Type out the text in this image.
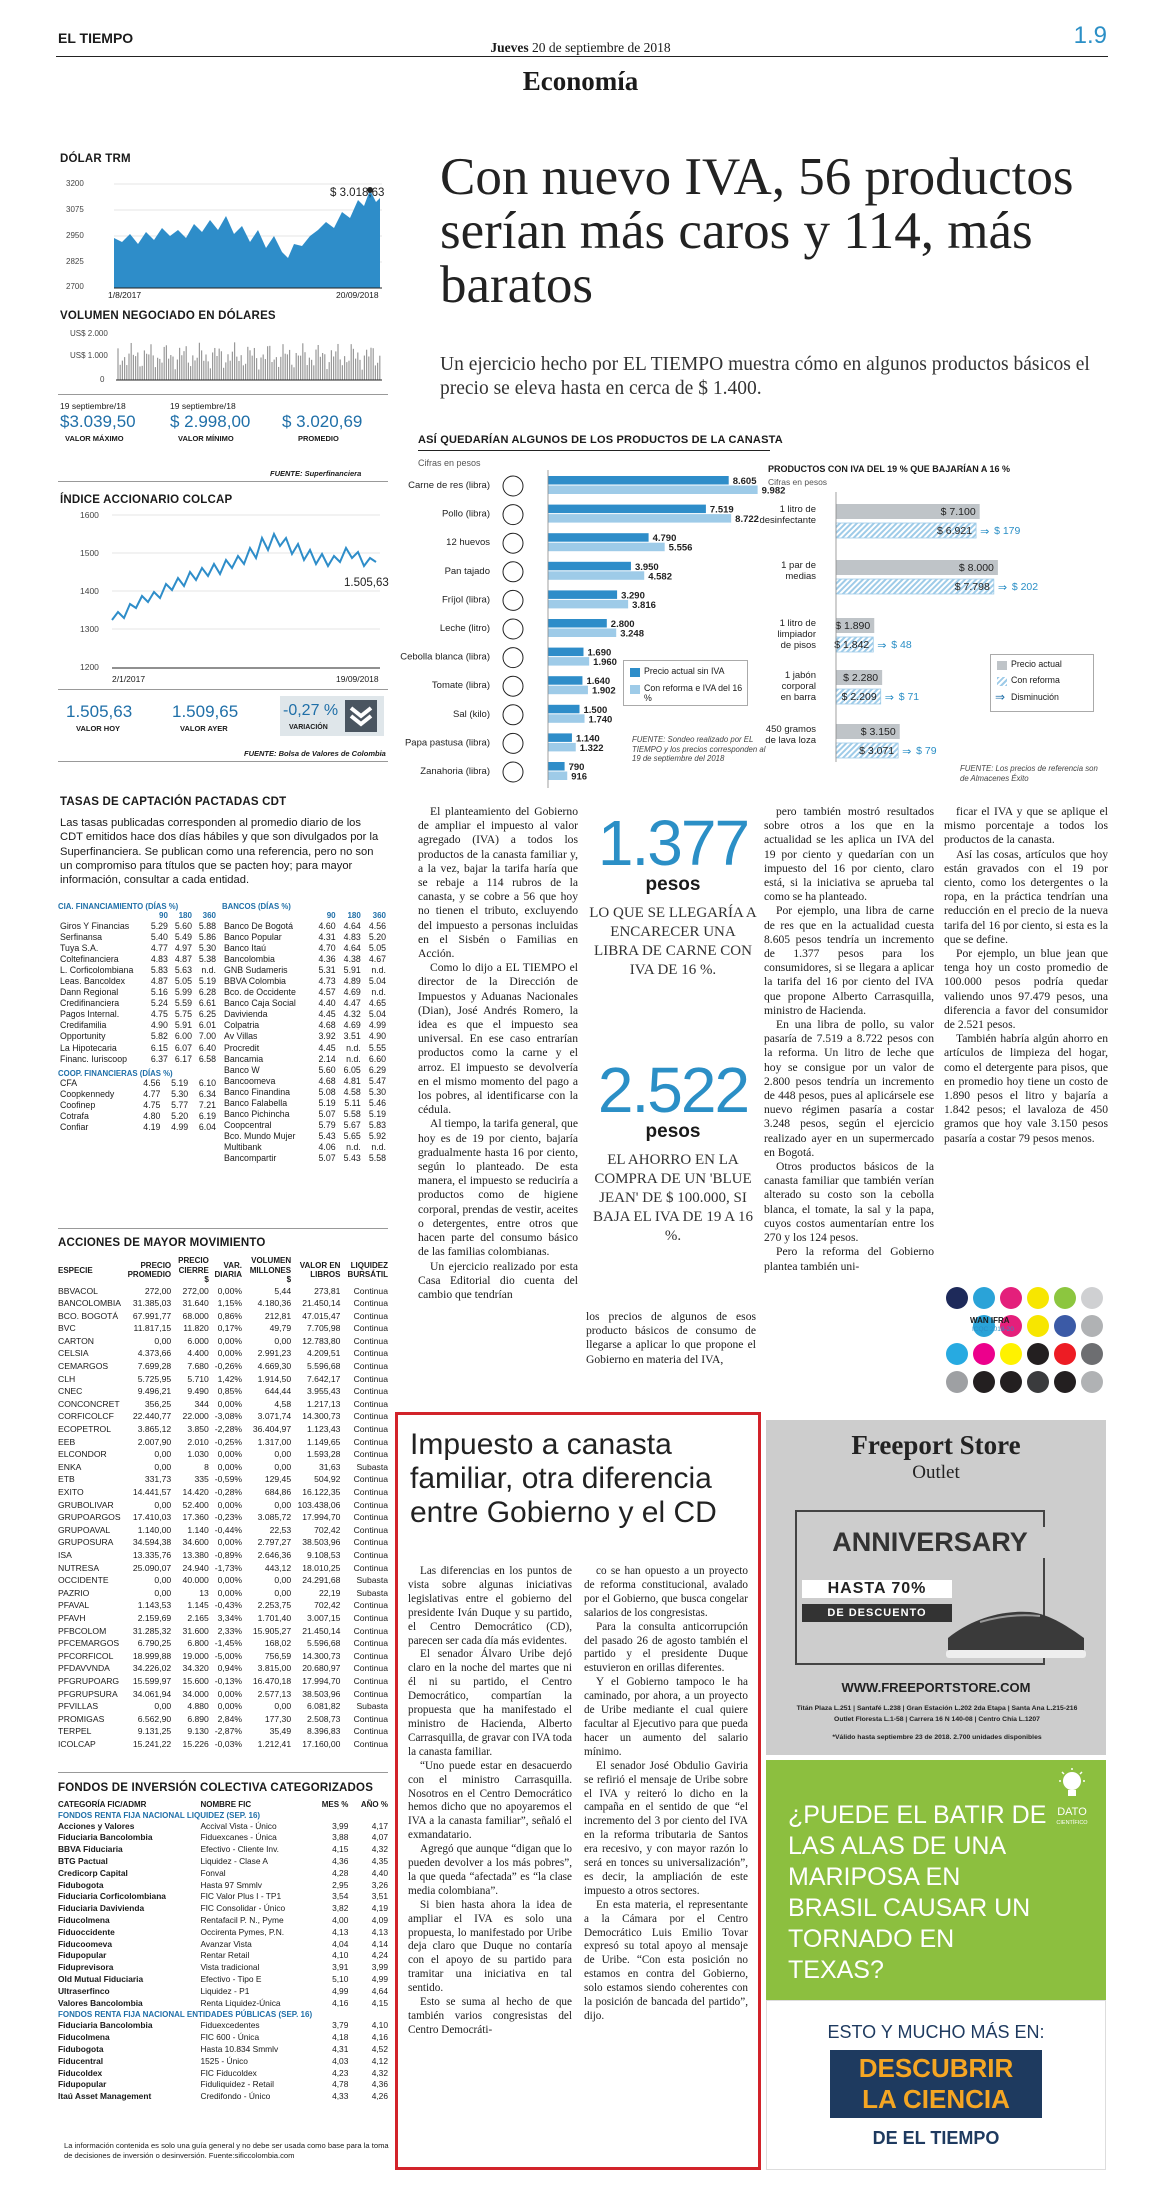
EL TIEMPO
Jueves 20 de septiembre de 2018	1.9
Economía
DÓLAR TRM
3200
3075
2950
2825
2700
$ 3.018,63
1/8/2017	20/09/2018
VOLUMEN NEGOCIADO EN DÓLARES
US$ 2.000
US$ 1.000
0
19 septiembre/18
$3.039,50
VALOR MÁXIMO
19 septiembre/18
$ 2.998,00
VALOR MÍNIMO
$ 3.020,69
PROMEDIO
FUENTE: Superfinanciera
ÍNDICE ACCIONARIO COLCAP
1600
1500
1400
1300
1200
1.505,63
2/1/2017	19/09/2018
1.505,63
VALOR HOY
1.509,65
VALOR AYER
-0,27 %
VARIACIÓN
FUENTE: Bolsa de Valores de Colombia
TASAS DE CAPTACIÓN PACTADAS CDT
Las tasas publicadas corresponden al promedio diario de los CDT emitidos hace dos días hábiles y que son divulgados por la Superfinanciera. Se publican como una referencia, pero no son un compromiso para títulos que se pacten hoy; para mayor información, consultar a cada entidad.
CIA. FINANCIAMIENTO (DÍAS %)
	90	180	360
Giros Y Financias	5.29	5.60	5.88
Serfinansa	5.40	5.49	5.86
Tuya S.A.	4.77	4.97	5.30
Coltefinanciera	4.83	4.87	5.38
L. Corficolombiana	5.83	5.63	n.d.
Leas. Bancoldex	4.87	5.05	5.19
Dann Regional	5.16	5.99	6.28
Credifinanciera	5.24	5.59	6.61
Pagos Internal.	4.75	5.75	6.25
Credifamilia	4.90	5.91	6.01
Opportunity	5.82	6.00	7.00
La Hipotecaria	6.15	6.07	6.40
Financ. Iuriscoop	6.37	6.17	6.58
COOP. FINANCIERAS (DÍAS %)
CFA	4.56	5.19	6.10
Coopkennedy	4.77	5.30	6.34
Coofinep	4.75	5.77	7.21
Cotrafa	4.80	5.20	6.19
Confiar	4.19	4.99	6.04
BANCOS (DÍAS %)
	90	180	360
Banco De Bogotá	4.60	4.64	4.56
Banco Popular	4.31	4.83	5.20
Banco Itaú	4.70	4.64	5.05
Bancolombia	4.36	4.38	4.67
GNB Sudameris	5.31	5.91	n.d.
BBVA Colombia	4.73	4.89	5.04
Bco. de Occidente	4.57	4.69	n.d.
Banco Caja Social	4.40	4.47	4.65
Davivienda	4.45	4.32	5.04
Colpatria	4.68	4.69	4.99
Av Villas	3.92	3.51	4.90
Procredit	4.45	n.d.	5.55
Bancamia	2.14	n.d.	6.60
Banco W	5.60	6.05	6.29
Bancoomeva	4.68	4.81	5.47
Banco Finandina	5.08	4.58	5.30
Banco Falabella	5.19	5.11	5.46
Banco Pichincha	5.07	5.58	5.19
Coopcentral	5.79	5.67	5.83
Bco. Mundo Mujer	5.43	5.65	5.92
Multibank	4.06	n.d.	n.d.
Bancompartir	5.07	5.43	5.58
ACCIONES DE MAYOR MOVIMIENTO
ESPECIE	PRECIO PROMEDIO	PRECIO CIERRE $	VAR. DIARIA	VOLUMEN MILLONES $	VALOR EN LIBROS	LIQUIDEZ BURSÁTIL
BBVACOL	272,00	272,00	0,00%	5,44	273,81	Continua
BANCOLOMBIA	31.385,03	31.640	1,15%	4.180,36	21.450,14	Continua
BCO. BOGOTÁ	67.991,77	68.000	0,86%	212,81	47.015,47	Continua
BVC	11.817,15	11.820	0,17%	49,79	7.705,98	Continua
CARTON	0,00	6.000	0,00%	0,00	12.783,80	Continua
CELSIA	4.373,66	4.400	0,00%	2.991,23	4.209,51	Continua
CEMARGOS	7.699,28	7.680	-0,26%	4.669,30	5.596,68	Continua
CLH	5.725,95	5.710	1,42%	1.914,50	7.642,17	Continua
CNEC	9.496,21	9.490	0,85%	644,44	3.955,43	Continua
CONCONCRET	356,25	344	0,00%	4,58	1.217,13	Continua
CORFICOLCF	22.440,77	22.000	-3,08%	3.071,74	14.300,73	Continua
ECOPETROL	3.865,12	3.850	-2,28%	36.404,97	1.123,43	Continua
EEB	2.007,90	2.010	-0,25%	1.317,00	1.149,65	Continua
ELCONDOR	0,00	1.030	0,00%	0,00	1.593,28	Continua
ENKA	0,00	8	0,00%	0,00	31,63	Subasta
ETB	331,73	335	-0,59%	129,45	504,92	Continua
EXITO	14.441,57	14.420	-0,28%	684,86	16.122,35	Continua
GRUBOLIVAR	0,00	52.400	0,00%	0,00	103.438,06	Continua
GRUPOARGOS	17.410,03	17.360	-0,23%	3.085,72	17.994,70	Continua
GRUPOAVAL	1.140,00	1.140	-0,44%	22,53	702,42	Continua
GRUPOSURA	34.594,38	34.600	0,00%	2.797,27	38.503,96	Continua
ISA	13.335,76	13.380	-0,89%	2.646,36	9.108,53	Continua
NUTRESA	25.090,07	24.940	-1,73%	443,12	18.010,25	Continua
OCCIDENTE	0,00	40.000	0,00%	0,00	24.291,68	Subasta
PAZRIO	0,00	13	0,00%	0,00	22,19	Subasta
PFAVAL	1.143,53	1.145	-0,43%	2.253,75	702,42	Continua
PFAVH	2.159,69	2.165	3,34%	1.701,40	3.007,15	Continua
PFBCOLOM	31.285,32	31.600	2,33%	15.905,27	21.450,14	Continua
PFCEMARGOS	6.790,25	6.800	-1,45%	168,02	5.596,68	Continua
PFCORFICOL	18.999,88	19.000	-5,00%	756,59	14.300,73	Continua
PFDAVVNDA	34.226,02	34.320	0,94%	3.815,00	20.680,97	Continua
PFGRUPOARG	15.599,97	15.600	-0,13%	16.470,18	17.994,70	Continua
PFGRUPSURA	34.061,94	34.000	0,00%	2.577,13	38.503,96	Continua
PFVILLAS	0,00	4.880	0,00%	0,00	6.081,82	Subasta
PROMIGAS	6.562,90	6.890	2,84%	177,30	2.508,73	Continua
TERPEL	9.131,25	9.130	-2,87%	35,49	8.396,83	Continua
ICOLCAP	15.241,22	15.226	-0,03%	1.212,41	17.160,00	Continua
FONDOS DE INVERSIÓN COLECTIVA CATEGORIZADOS
CATEGORÍA FIC/ADMR	NOMBRE FIC	MES %	AÑO %
FONDOS RENTA FIJA NACIONAL LIQUIDEZ (SEP. 16)			
Acciones y Valores	Accival Vista - Único	3,99	4,17
Fiduciaria Bancolombia	Fiduexcanes - Única	3,88	4,07
BBVA Fiduciaria	Efectivo - Cliente Inv.	4,15	4,32
BTG Pactual	Liquidez - Clase A	4,36	4,35
Credicorp Capital	Fonval	4,28	4,40
Fidubogota	Hasta 97 Smmlv	2,95	3,26
Fiduciaria Corficolombiana	FIC Valor Plus I - TP1	3,54	3,51
Fiduciaria Davivienda	FIC Consolidar - Único	3,82	4,19
Fiducolmena	Rentafacil P. N., Pyme	4,00	4,09
Fiduoccidente	Occirenta Pymes, P.N.	4,13	4,13
Fiducoomeva	Avanzar Vista	4,04	4,14
Fidupopular	Rentar Retail	4,10	4,24
Fiduprevisora	Vista tradicional	3,91	3,99
Old Mutual Fiduciaria	Efectivo - Tipo E	5,10	4,99
Ultraserfinco	Liquidez - P1	4,99	4,64
Valores Bancolombia	Renta Liquidez-Única	4,16	4,15
FONDOS RENTA FIJA NACIONAL ENTIDADES PÚBLICAS (SEP. 16)			
Fiduciaria Bancolombia	Fiduexcedentes	3,79	4,10
Fiducolmena	FIC 600 - Única	4,18	4,16
Fidubogota	Hasta 10.834 Smmlv	4,31	4,52
Fiducentral	1525 - Único	4,03	4,12
Fiducoldex	FIC Fiducoldex	4,23	4,32
Fidupopular	Fiduliquidez - Retail	4,78	4,36
Itaú Asset Management	Credifondo - Único	4,33	4,26
La información contenida es solo una guía general y no debe ser usada como base para la toma de decisiones de inversión o desinversión. Fuente:sificcolombia.com
Con nuevo IVA, 56 productos serían más caros y 114, más baratos
Un ejercicio hecho por EL TIEMPO muestra cómo en algunos productos básicos el precio se eleva hasta en cerca de $ 1.400.
ASÍ QUEDARÍAN ALGUNOS DE LOS PRODUCTOS DE LA CANASTA
Cifras en pesos
Carne de res (libra)	8.605
9.982
Pollo (libra)	7.519
8.722
12 huevos	4.790
5.556
Pan tajado	3.950
4.582
Fríjol (libra)	3.290
3.816
Leche (litro)	2.800
3.248
Cebolla blanca (libra)	1.690
1.960
Tomate (libra)	1.640
1.902
Sal (kilo)	1.500
1.740
Papa pastusa (libra)	1.140
1.322
Zanahoria (libra)	790
916
Precio actual sin IVA
Con reforma e IVA del 16 %
FUENTE: Sondeo realizado por EL TIEMPO y los precios corresponden al 19 de septiembre del 2018
PRODUCTOS CON IVA DEL 19 % QUE BAJARÍAN A 16 %
Cifras en pesos
1 litro de desinfectante
$ 7.100
$ 6.921 ⇒ $ 179
1 par de medias
$ 8.000
$ 7.798 ⇒ $ 202
1 litro de limpiador de pisos
$ 1.890
$ 1.842 ⇒ $ 48
1 jabón corporal en barra
$ 2.280
$ 2.209 ⇒ $ 71
450 gramos de lava loza
$ 3.150
$ 3.071 ⇒ $ 79
Precio actual
Con reforma
⇒ Disminución
FUENTE: Los precios de referencia son de Almacenes Éxito

El planteamiento del Gobierno de ampliar el impuesto al valor agregado (IVA) a todos los productos de la canasta familiar y, a la vez, bajar la tarifa haría que se rebaje a 114 rubros de la canasta, y se cobre a 56 que hoy no tienen el tributo, excluyendo del impuesto a personas incluidas en el Sisbén o Familias en Acción.

Como lo dijo a EL TIEMPO el director de la Dirección de Impuestos y Aduanas Nacionales (Dian), José Andrés Romero, la idea es que el impuesto sea universal. En ese caso entrarían productos como la carne y el arroz. El impuesto se devolvería en el mismo momento del pago a los pobres, al identificarse con la cédula.

Al tiempo, la tarifa general, que hoy es de 19 por ciento, bajaría gradualmente hasta 16 por ciento, según lo planteado. De esta manera, el impuesto se reduciría a productos como de higiene corporal, prendas de vestir, aceites o detergentes, entre otros que hacen parte del consumo básico de las familias colombianas.

Un ejercicio realizado por esta Casa Editorial dio cuenta del cambio que tendrían

1.377
pesos
LO QUE SE LLEGARÍA A ENCARECER UNA LIBRA DE CARNE CON IVA DE 16 %.
2.522
pesos
EL AHORRO EN LA COMPRA DE UN 'BLUE JEAN' DE $ 100.000, SI BAJA EL IVA DE 19 A 16 %.
los precios de algunos de esos producto básicos de consumo de llegarse a aplicar lo que propone el Gobierno en materia del IVA,

pero también mostró resultados sobre otros a los que en la actualidad se les aplica un IVA del 19 por ciento y quedarían con un impuesto del 16 por ciento, claro está, si la iniciativa se aprueba tal como se ha planteado.

Por ejemplo, una libra de carne de res que en la actualidad cuesta 8.605 pesos tendría un incremento de 1.377 pesos para los consumidores, si se llegara a aplicar la tarifa del 16 por ciento del IVA que propone Alberto Carrasquilla, ministro de Hacienda.

En una libra de pollo, su valor pasaría de 7.519 a 8.722 pesos con la reforma. Un litro de leche que hoy se consigue por un valor de 2.800 pesos tendría un incremento de 448 pesos, pues al aplicársele ese nuevo régimen pasaría a costar 3.248 pesos, según el ejercicio realizado ayer en un supermercado en Bogotá.

Otros productos básicos de la canasta familiar que también verían alterado su costo son la cebolla blanca, el tomate, la sal y la papa, cuyos costos aumentarían entre los 270 y los 124 pesos.

Pero la reforma del Gobierno plantea también uni-

ficar el IVA y que se aplique el mismo porcentaje a todos los productos de la canasta.

Así las cosas, artículos que hoy están gravados con el 19 por ciento, como los detergentes o la ropa, en la práctica tendrían una reducción en el precio de la nueva tarifa del 16 por ciento, si esta es la que se define.

Por ejemplo, un blue jean que tenga hoy un costo promedio de 100.000 pesos podría quedar valiendo unos 97.479 pesos, una diferencia a favor del consumidor de 2.521 pesos.

También habría algún ahorro en artículos de limpieza del hogar, como el detergente para pisos, que en promedio hoy tiene un costo de 1.890 pesos el litro y bajaría a 1.842 pesos; el lavaloza de 450 gramos que hoy vale 3.150 pesos pasaría a costar 79 pesos menos.

WAN IFRA
ICQC 2018-20
Impuesto a canasta familiar, otra diferencia entre Gobierno y el CD

Las diferencias en los puntos de vista sobre algunas iniciativas legislativas entre el gobierno del presidente Iván Duque y su partido, el Centro Democrático (CD), parecen ser cada día más evidentes.

El senador Álvaro Uribe dejó claro en la noche del martes que ni él ni su partido, el Centro Democrático, compartían la propuesta que ha manifestado el ministro de Hacienda, Alberto Carrasquilla, de gravar con IVA toda la canasta familiar.

“Uno puede estar en desacuerdo con el ministro Carrasquilla. Nosotros en el Centro Democrático hemos dicho que no apoyaremos el IVA a la canasta familiar”, señaló el exmandatario.

Agregó que aunque “digan que lo pueden devolver a los más pobres”, la que queda “afectada” es “la clase media colombiana”.

Si bien hasta ahora la idea de ampliar el IVA es solo una propuesta, lo manifestado por Uribe deja claro que Duque no contaría con el apoyo de su partido para tramitar una iniciativa en tal sentido.

Esto se suma al hecho de que también varios congresistas del Centro Democráti-

co se han opuesto a un proyecto de reforma constitucional, avalado por el Gobierno, que busca congelar salarios de los congresistas.

Para la consulta anticorrupción del pasado 26 de agosto también el partido y el presidente Duque estuvieron en orillas diferentes.

Y el Gobierno tampoco le ha caminado, por ahora, a un proyecto de Uribe mediante el cual quiere facultar al Ejecutivo para que pueda hacer un aumento del salario mínimo.

El senador José Obdulio Gaviria se refirió el mensaje de Uribe sobre el IVA y reiteró lo dicho en la campaña en el sentido de que “el incremento del 3 por ciento del IVA en la reforma tributaria de Santos era recesivo, y con mayor razón lo será en tonces su universalización”, es decir, la ampliación de este impuesto a otros sectores.

En esta materia, el representante a la Cámara por el Centro Democrático Luis Emilio Tovar expresó su total apoyo al mensaje de Uribe. “Con esta posición no estamos en contra del Gobierno, solo estamos siendo coherentes con la posición de bancada del partido”, dijo.

Freeport Store
Outlet
ANNIVERSARY
HASTA 70%
DE DESCUENTO
WWW.FREEPORTSTORE.COM
Titán Plaza L.251 | Santafé L.238 | Gran Estación L.202 2da Etapa | Santa Ana L.215-216
Outlet Floresta L.1-58 | Carrera 16 N 140-08 | Centro Chía L.1207
*Válido hasta septiembre 23 de 2018. 2.700 unidades disponibles
¿PUEDE EL BATIR DE LAS ALAS DE UNA MARIPOSA EN BRASIL CAUSAR UN TORNADO EN TEXAS?
DATO
CIENTÍFICO
ESTO Y MUCHO MÁS EN:
DESCUBRIR
LA CIENCIA
DE EL TIEMPO
